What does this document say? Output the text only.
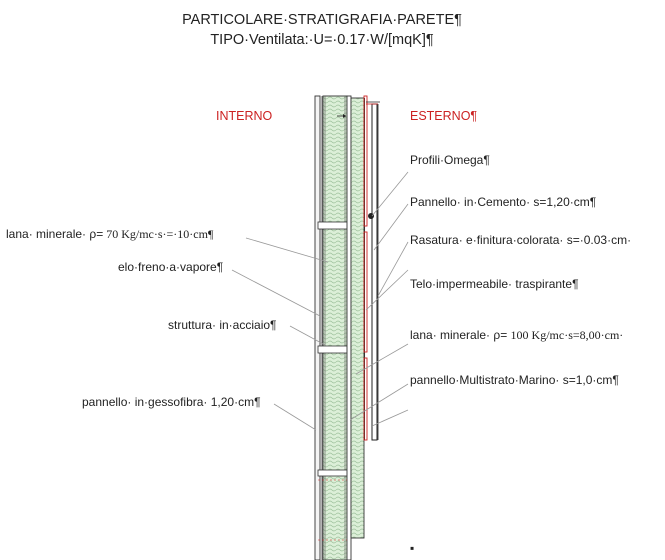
PARTICOLARE·STRATIGRAFIA·PARETE¶
TIPO·Ventilata:·U=·0.17·W/[mqK]¶
INTERNO	ESTERNO¶
lana· minerale· ρ= 70 Kg/mc·s·=·10·cm¶
elo·freno·a·vapore¶
struttura· in·acciaio¶
pannello· in·gessofibra· 1,20·cm¶
Profili·Omega¶
Pannello· in·Cemento· s=1,20·cm¶
Rasatura· e·finitura·colorata· s=·0.03·cm·
Telo·impermeabile· traspirante¶
lana· minerale· ρ= 100 Kg/mc·s=8,00·cm·
pannello·Multistrato·Marino· s=1,0·cm¶
▪
